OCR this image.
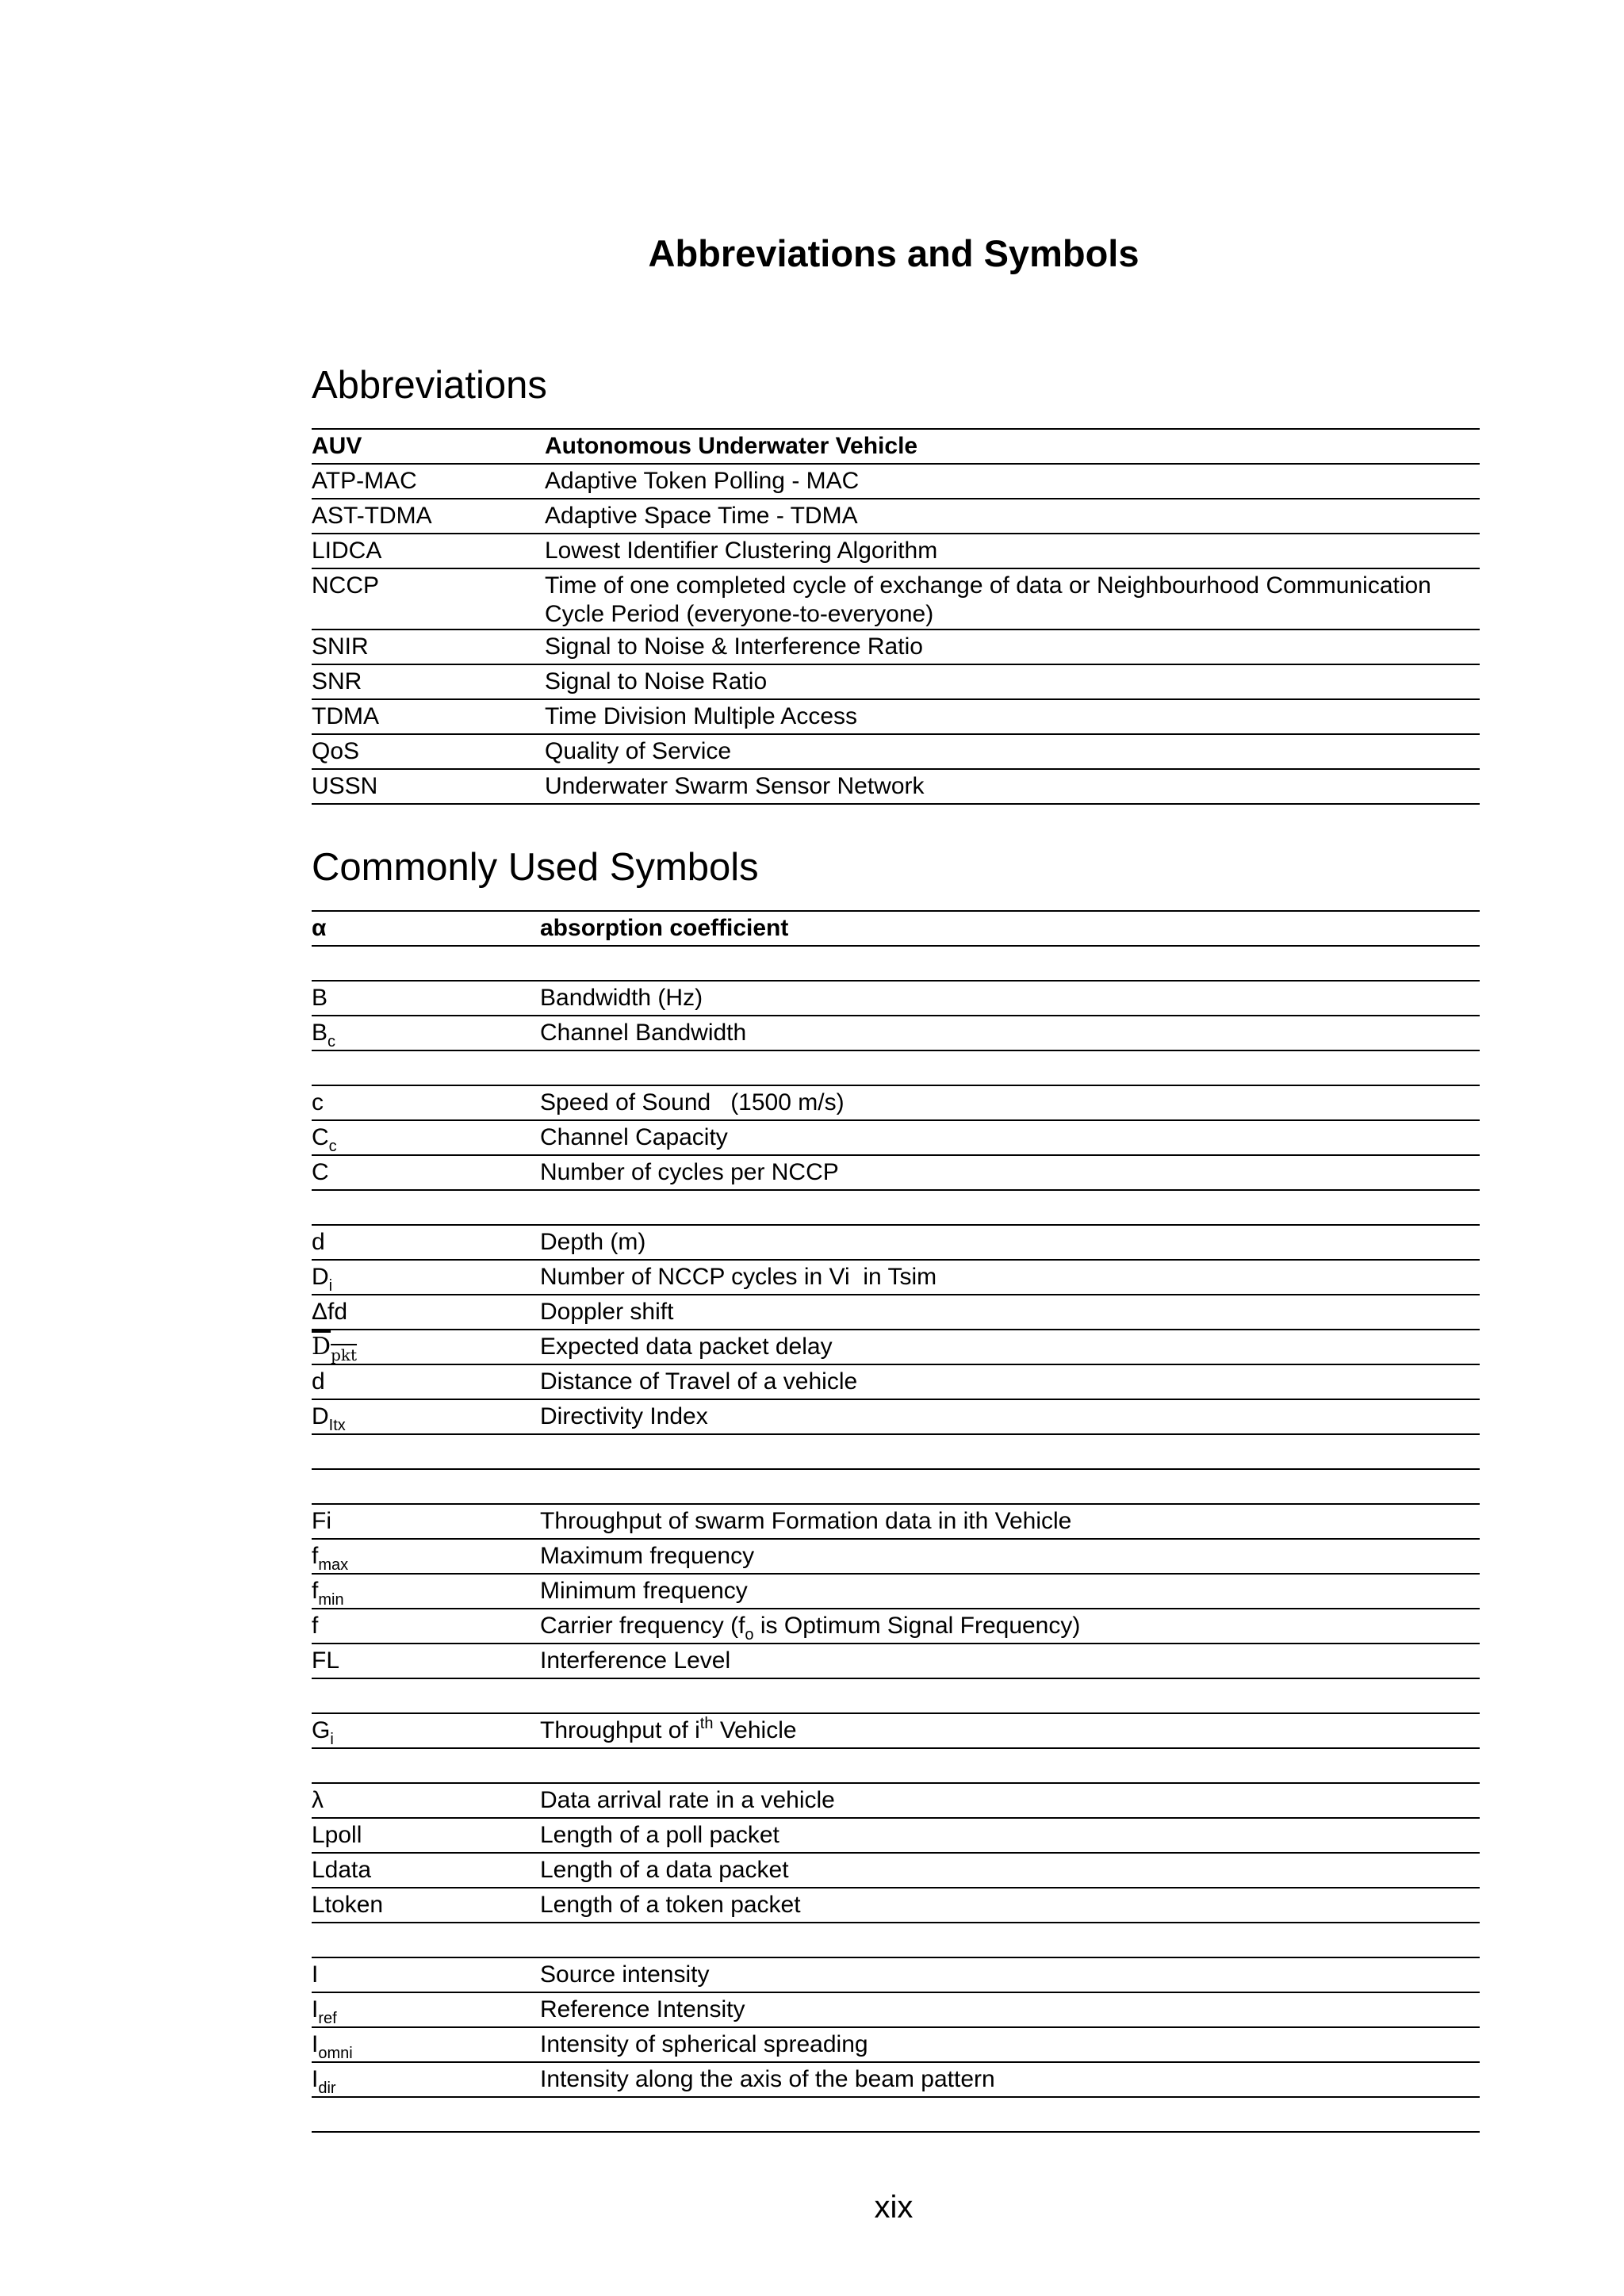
Abbreviations and Symbols
Abbreviations
AUV	Autonomous Underwater Vehicle
ATP-MAC	Adaptive Token Polling - MAC
AST-TDMA	Adaptive Space Time - TDMA
LIDCA	Lowest Identifier Clustering Algorithm
NCCP	Time of one completed cycle of exchange of data or Neighbourhood Communication Cycle Period (everyone-to-everyone)
SNIR	Signal to Noise & Interference Ratio
SNR	Signal to Noise Ratio
TDMA	Time Division Multiple Access
QoS	Quality of Service
USSN	Underwater Swarm Sensor Network
Commonly Used Symbols
α	absorption coefficient

B	Bandwidth (Hz)
$B_c$	Channel Bandwidth

c	Speed of Sound   (1500 m/s)
$C_c$	Channel Capacity
C	Number of cycles per NCCP

d	Depth (m)
$D_i$	Number of NCCP cycles in Vi  in Tsim
Δfd	Doppler shift
$\overline{D}_{\overline{pkt}}$	Expected data packet delay
d	Distance of Travel of a vehicle
$D_{Itx}$	Directivity Index

Fi	Throughput of swarm Formation data in ith Vehicle
$f_{max}$	Maximum frequency
$f_{min}$	Minimum frequency
f	Carrier frequency ($f_o$ is Optimum Signal Frequency)
FL	Interference Level

$G_i$	Throughput of $i^{th}$ Vehicle

λ	Data arrival rate in a vehicle
Lpoll	Length of a poll packet
Ldata	Length of a data packet
Ltoken	Length of a token packet

I	Source intensity
$I_{ref}$	Reference Intensity
$I_{omni}$	Intensity of spherical spreading
$I_{dir}$	Intensity along the axis of the beam pattern

xix
